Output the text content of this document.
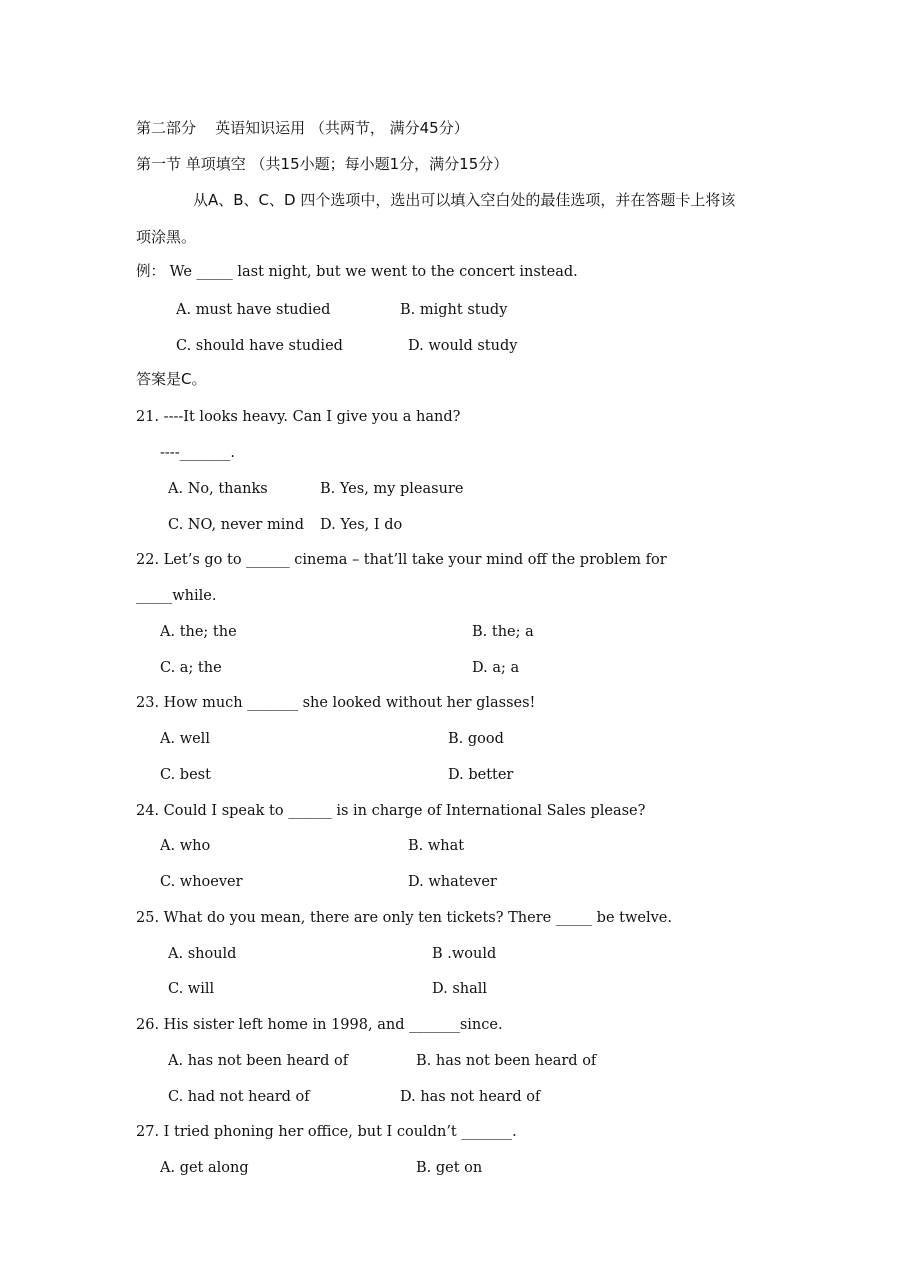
第二部分    英语知识运用 （共两节， 满分45分）
第一节 单项填空 （共15小题；每小题1分，满分15分）
从A、B、C、D 四个选项中，选出可以填入空白处的最佳选项，并在答题卡上将该
项涂黑。
例： We _____ last night, but we went to the concert instead.
A. must have studied	B. might study
C. should have studied	D. would study
答案是C。
21. ----It looks heavy. Can I give you a hand?
----_______.
A. No, thanks	B. Yes, my pleasure
C. NO, never mind D. Yes, I do
22. Let’s go to ______ cinema – that’ll take your mind off the problem for
_____while.
A. the; the	B. the; a
C. a; the	D. a; a
23. How much _______ she looked without her glasses!
A. well	B. good
C. best	D. better
24. Could I speak to ______ is in charge of International Sales please?
A. who	B. what
C. whoever	D. whatever
25. What do you mean, there are only ten tickets? There _____ be twelve.
A. should	B .would
C. will	D. shall
26. His sister left home in 1998, and _______since.
A. has not been heard of	B. has not been heard of
C. had not heard of	D. has not heard of
27. I tried phoning her office, but I couldn’t _______.
A. get along	B. get on
